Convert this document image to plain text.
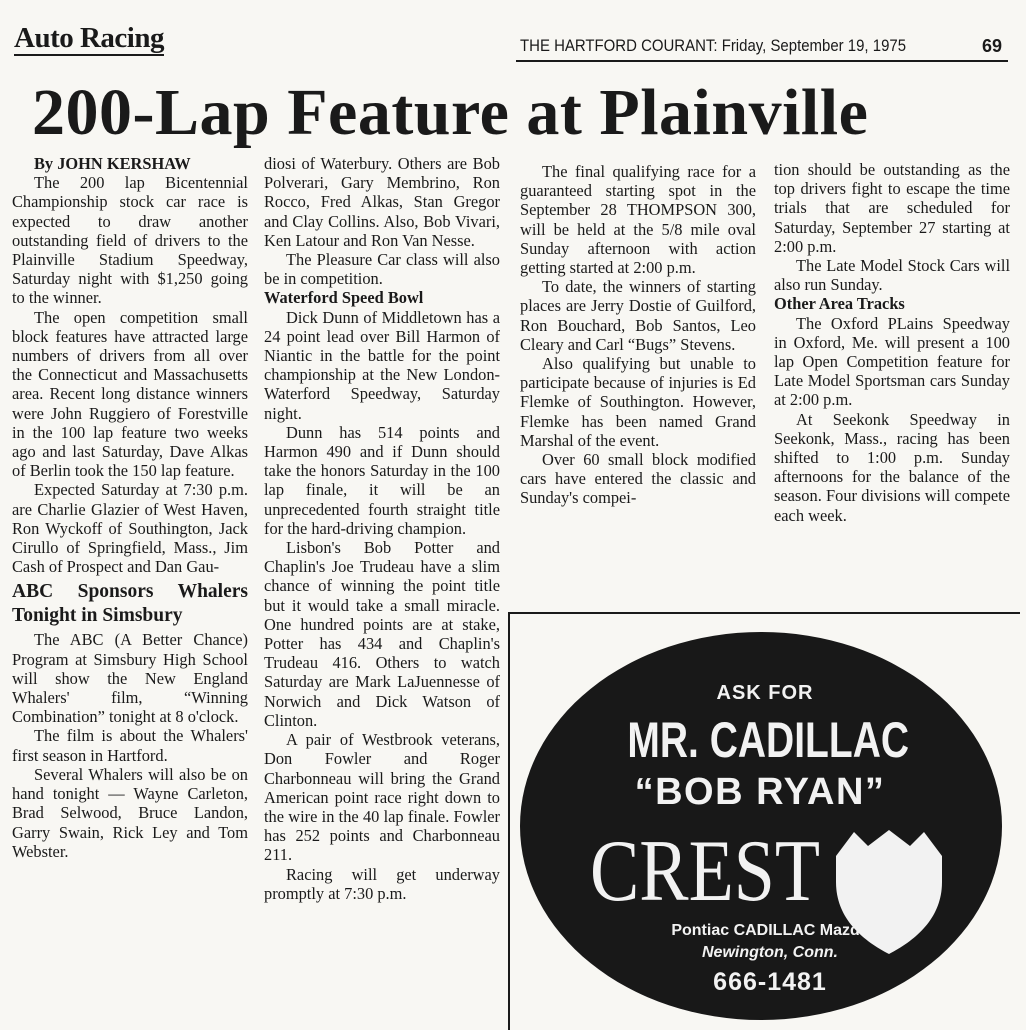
Auto Racing	THE HARTFORD COURANT: Friday, September 19, 1975	69
200-Lap Feature at Plainville

By JOHN KERSHAW

The 200 lap Bicentennial Championship stock car race is expected to draw another outstanding field of drivers to the Plainville Stadium Speedway, Saturday night with $1,250 going to the winner.

The open competition small block features have attracted large numbers of drivers from all over the Connecticut and Massachusetts area. Recent long distance winners were John Ruggiero of Forestville in the 100 lap feature two weeks ago and last Saturday, Dave Alkas of Berlin took the 150 lap feature.

Expected Saturday at 7:30 p.m. are Charlie Glazier of West Haven, Ron Wyckoff of Southington, Jack Cirullo of Springfield, Mass., Jim Cash of Prospect and Dan Gau-

ABC Sponsors Whalers Tonight in Simsbury

The ABC (A Better Chance) Program at Simsbury High School will show the New England Whalers' film, “Winning Combination” tonight at 8 o'clock.

The film is about the Whalers' first season in Hartford.

Several Whalers will also be on hand tonight — Wayne Carleton, Brad Selwood, Bruce Landon, Garry Swain, Rick Ley and Tom Webster.

diosi of Waterbury. Others are Bob Polverari, Gary Membrino, Ron Rocco, Fred Alkas, Stan Gregor and Clay Collins. Also, Bob Vivari, Ken Latour and Ron Van Nesse.

The Pleasure Car class will also be in competition.

Waterford Speed Bowl

Dick Dunn of Middletown has a 24 point lead over Bill Harmon of Niantic in the battle for the point championship at the New London-Waterford Speedway, Saturday night.

Dunn has 514 points and Harmon 490 and if Dunn should take the honors Saturday in the 100 lap finale, it will be an unprecedented fourth straight title for the hard-driving champion.

Lisbon's Bob Potter and Chaplin's Joe Trudeau have a slim chance of winning the point title but it would take a small miracle. One hundred points are at stake, Potter has 434 and Chaplin's Trudeau 416. Others to watch Saturday are Mark LaJuennesse of Norwich and Dick Watson of Clinton.

A pair of Westbrook veterans, Don Fowler and Roger Charbonneau will bring the Grand American point race right down to the wire in the 40 lap finale. Fowler has 252 points and Charbonneau 211.

Racing will get underway promptly at 7:30 p.m.

The final qualifying race for a guaranteed starting spot in the September 28 THOMPSON 300, will be held at the 5/8 mile oval Sunday afternoon with action getting started at 2:00 p.m.

To date, the winners of starting places are Jerry Dostie of Guilford, Ron Bouchard, Bob Santos, Leo Cleary and Carl “Bugs” Stevens.

Also qualifying but unable to participate because of injuries is Ed Flemke of Southington. However, Flemke has been named Grand Marshal of the event.

Over 60 small block modified cars have entered the classic and Sunday's compei-

tion should be outstanding as the top drivers fight to escape the time trials that are scheduled for Saturday, September 27 starting at 2:00 p.m.

The Late Model Stock Cars will also run Sunday.

Other Area Tracks

The Oxford PLains Speedway in Oxford, Me. will present a 100 lap Open Competition feature for Late Model Sportsman cars Sunday at 2:00 p.m.

At Seekonk Speedway in Seekonk, Mass., racing has been shifted to 1:00 p.m. Sunday afternoons for the balance of the season. Four divisions will compete each week.

ASK FOR
MR. CADILLAC
“BOB RYAN”
CREST
Pontiac CADILLAC Mazda
Newington, Conn.
666-1481
